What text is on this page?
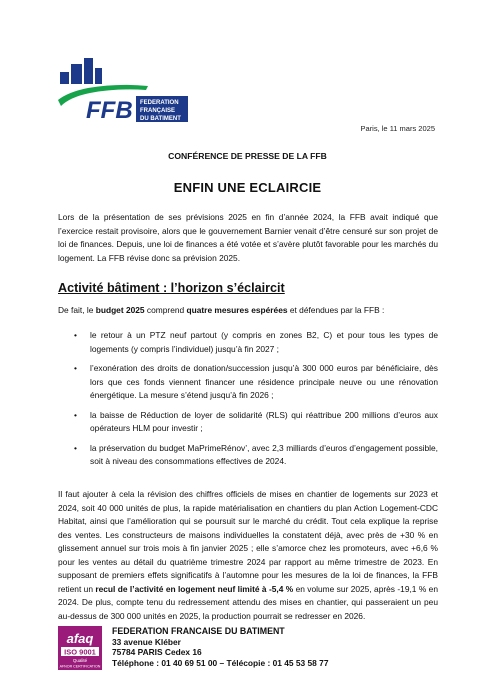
FFB FEDERATION
FRANÇAISE
DU BATIMENT
Paris, le 11 mars 2025
CONFÉRENCE DE PRESSE DE LA FFB
ENFIN UNE ECLAIRCIE

Lors de la présentation de ses prévisions 2025 en fin d’année 2024, la FFB avait indiqué que l’exercice restait provisoire, alors que le gouvernement Barnier venait d’être censuré sur son projet de loi de finances. Depuis, une loi de finances a été votée et s’avère plutôt favorable pour les marchés du logement. La FFB révise donc sa prévision 2025.

Activité bâtiment : l’horizon s’éclaircit

De fait, le budget 2025 comprend quatre mesures espérées et défendues par la FFB :

• le retour à un PTZ neuf partout (y compris en zones B2, C) et pour tous les types de logements (y compris l’individuel) jusqu’à fin 2027 ;
• l’exonération des droits de donation/succession jusqu’à 300 000 euros par bénéficiaire, dès lors que ces fonds viennent financer une résidence principale neuve ou une rénovation énergétique. La mesure s’étend jusqu’à fin 2026 ;
• la baisse de Réduction de loyer de solidarité (RLS) qui réattribue 200 millions d’euros aux opérateurs HLM pour investir ;
• la préservation du budget MaPrimeRénov’, avec 2,3 milliards d’euros d’engagement possible, soit à niveau des consommations effectives de 2024.

Il faut ajouter à cela la révision des chiffres officiels de mises en chantier de logements sur 2023 et 2024, soit 40 000 unités de plus, la rapide matérialisation en chantiers du plan Action Logement-CDC Habitat, ainsi que l’amélioration qui se poursuit sur le marché du crédit. Tout cela explique la reprise des ventes. Les constructeurs de maisons individuelles la constatent déjà, avec près de +30 % en glissement annuel sur trois mois à fin janvier 2025 ; elle s’amorce chez les promoteurs, avec +6,6 % pour les ventes au détail du quatrième trimestre 2024 par rapport au même trimestre de 2023. En supposant de premiers effets significatifs à l’automne pour les mesures de la loi de finances, la FFB retient un recul de l’activité en logement neuf limité à -5,4 % en volume sur 2025, après -19,1 % en 2024. De plus, compte tenu du redressement attendu des mises en chantier, qui passeraient un peu au-dessus de 300 000 unités en 2025, la production pourrait se redresser en 2026.

afaq
ISO 9001
Qualité
AFNOR CERTIFICATION
FEDERATION FRANCAISE DU BATIMENT
33 avenue Kléber
75784 PARIS Cedex 16
Téléphone : 01 40 69 51 00 – Télécopie : 01 45 53 58 77
